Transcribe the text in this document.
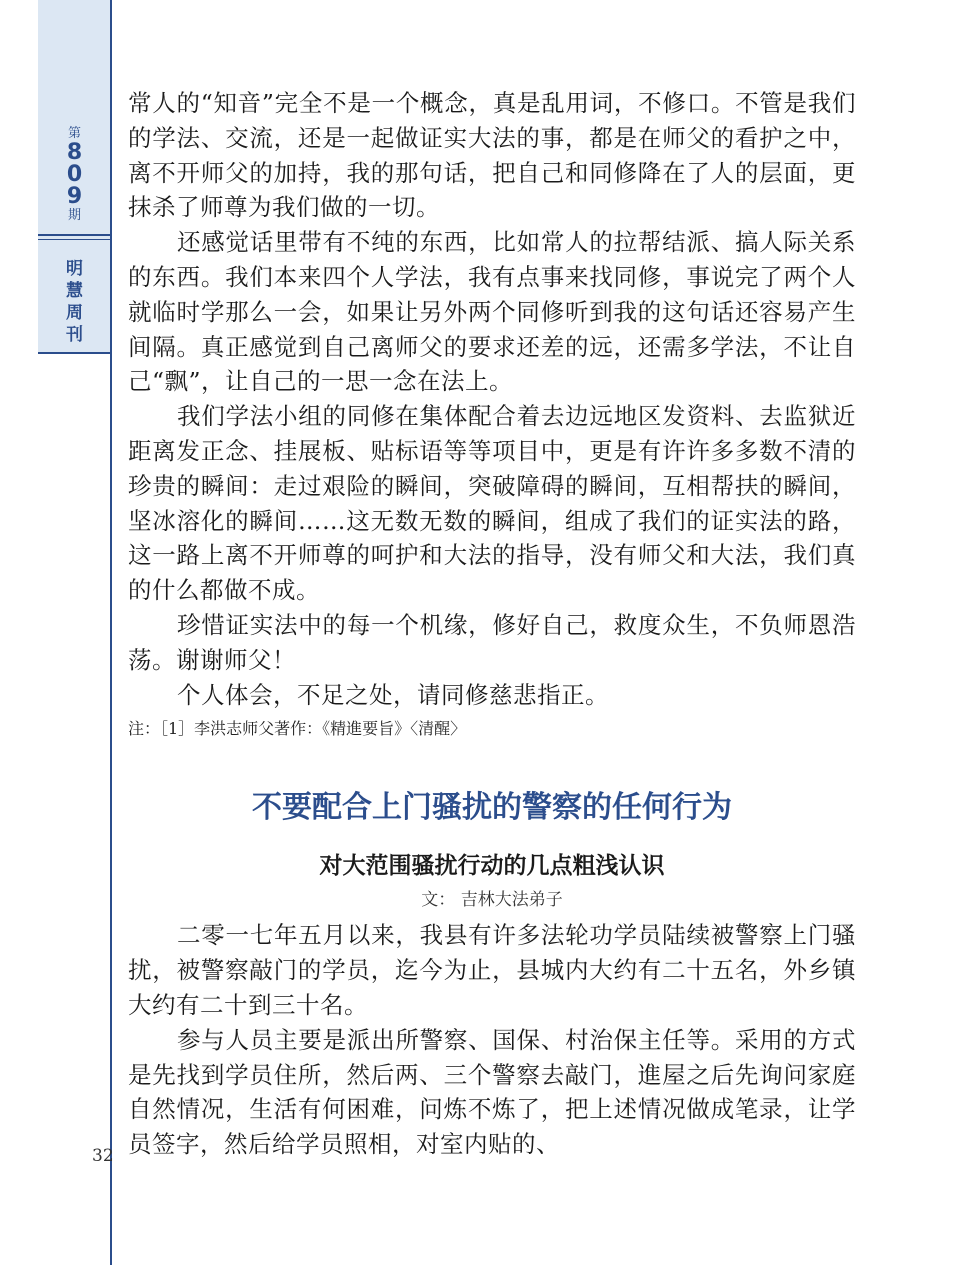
第
8
0
9
期
明
慧
周
刊
32

常人的“知音”完全不是一个概念，真是乱用词，不修口。不管是我们的学法、交流，还是一起做证实大法的事，都是在师父的看护之中，离不开师父的加持，我的那句话，把自己和同修降在了人的层面，更抹杀了师尊为我们做的一切。

还感觉话里带有不纯的东西，比如常人的拉帮结派、搞人际关系的东西。我们本来四个人学法，我有点事来找同修，事说完了两个人就临时学那么一会，如果让另外两个同修听到我的这句话还容易产生间隔。真正感觉到自己离师父的要求还差的远，还需多学法，不让自己“飘”，让自己的一思一念在法上。

我们学法小组的同修在集体配合着去边远地区发资料、去监狱近距离发正念、挂展板、贴标语等等项目中，更是有许许多多数不清的珍贵的瞬间：走过艰险的瞬间，突破障碍的瞬间，互相帮扶的瞬间，坚冰溶化的瞬间……这无数无数的瞬间，组成了我们的证实法的路，这一路上离不开师尊的呵护和大法的指导，没有师父和大法，我们真的什么都做不成。

珍惜证实法中的每一个机缘，修好自己，救度众生，不负师恩浩荡。谢谢师父！

个人体会，不足之处，请同修慈悲指正。

注：［1］李洪志师父著作：《精進要旨》〈清醒〉

不要配合上门骚扰的警察的任何行为
对大范围骚扰行动的几点粗浅认识
文： 吉林大法弟子

二零一七年五月以来，我县有许多法轮功学员陆续被警察上门骚扰，被警察敲门的学员，迄今为止，县城内大约有二十五名，外乡镇大约有二十到三十名。

参与人员主要是派出所警察、国保、村治保主任等。采用的方式是先找到学员住所，然后两、三个警察去敲门，進屋之后先询问家庭自然情况，生活有何困难，问炼不炼了，把上述情况做成笔录，让学员签字，然后给学员照相，对室内贴的、
